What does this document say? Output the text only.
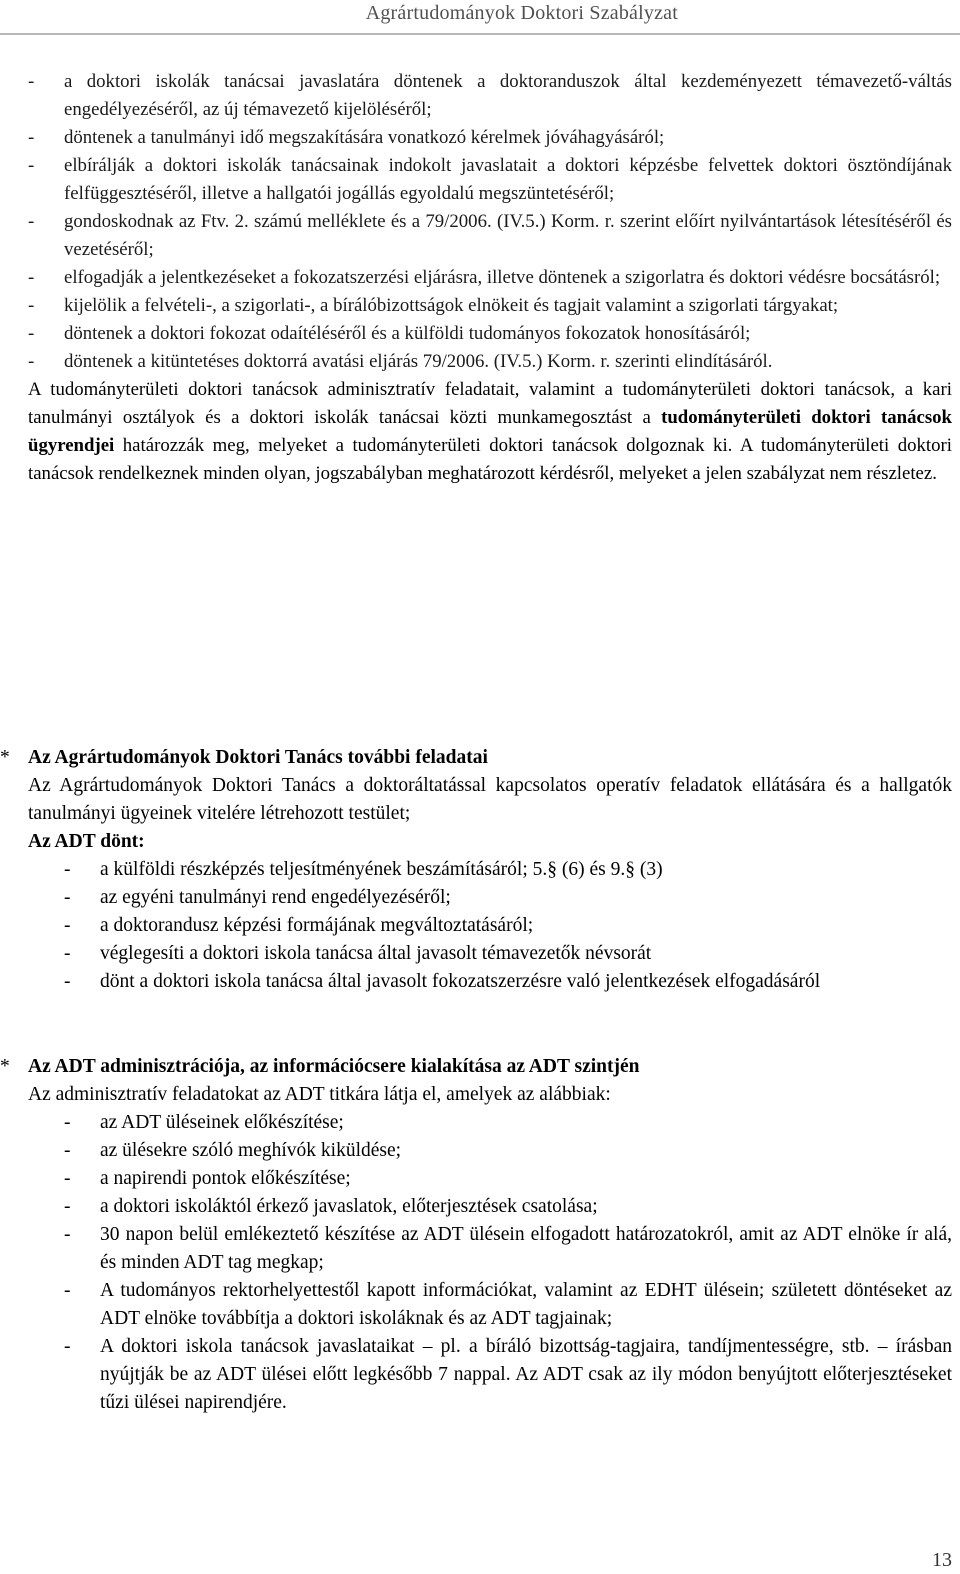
Agrártudományok Doktori Szabályzat
- a doktori iskolák tanácsai javaslatára döntenek a doktoranduszok által kezdeményezett témavezető-váltás engedélyezéséről, az új témavezető kijelöléséről;
- döntenek a tanulmányi idő megszakítására vonatkozó kérelmek jóváhagyásáról;
- elbírálják a doktori iskolák tanácsainak indokolt javaslatait a doktori képzésbe felvettek doktori ösztöndíjának felfüggesztéséről, illetve a hallgatói jogállás egyoldalú megszüntetéséről;
- gondoskodnak az Ftv. 2. számú melléklete és a 79/2006. (IV.5.) Korm. r. szerint előírt nyilvántartások létesítéséről és vezetéséről;
- elfogadják a jelentkezéseket a fokozatszerzési eljárásra, illetve döntenek a szigorlatra és doktori védésre bocsátásról;
- kijelölik a felvételi-, a szigorlati-, a bírálóbizottságok elnökeit és tagjait valamint a szigorlati tárgyakat;
- döntenek a doktori fokozat odaítéléséről és a külföldi tudományos fokozatok honosításáról;
- döntenek a kitüntetéses doktorrá avatási eljárás 79/2006. (IV.5.) Korm. r. szerinti elindításáról.

A tudományterületi doktori tanácsok adminisztratív feladatait, valamint a tudományterületi doktori tanácsok, a kari tanulmányi osztályok és a doktori iskolák tanácsai közti munkamegosztást a tudományterületi doktori tanácsok ügyrendjei határozzák meg, melyeket a tudományterületi doktori tanácsok dolgoznak ki. A tudományterületi doktori tanácsok rendelkeznek minden olyan, jogszabályban meghatározott kérdésről, melyeket a jelen szabályzat nem részletez.

* Az Agrártudományok Doktori Tanács további feladatai

Az Agrártudományok Doktori Tanács a doktoráltatással kapcsolatos operatív feladatok ellátására és a hallgatók tanulmányi ügyeinek vitelére létrehozott testület;

Az ADT dönt:
- a külföldi részképzés teljesítményének beszámításáról; 5.§ (6) és 9.§ (3)
- az egyéni tanulmányi rend engedélyezéséről;
- a doktorandusz képzési formájának megváltoztatásáról;
- véglegesíti a doktori iskola tanácsa által javasolt témavezetők névsorát
- dönt a doktori iskola tanácsa által javasolt fokozatszerzésre való jelentkezések elfogadásáról
* Az ADT adminisztrációja, az információcsere kialakítása az ADT szintjén

Az adminisztratív feladatokat az ADT titkára látja el, amelyek az alábbiak:

- az ADT üléseinek előkészítése;
- az ülésekre szóló meghívók kiküldése;
- a napirendi pontok előkészítése;
- a doktori iskoláktól érkező javaslatok, előterjesztések csatolása;
- 30 napon belül emlékeztető készítése az ADT ülésein elfogadott határozatokról, amit az ADT elnöke ír alá, és minden ADT tag megkap;
- A tudományos rektorhelyettestől kapott információkat, valamint az EDHT ülésein; született döntéseket az ADT elnöke továbbítja a doktori iskoláknak és az ADT tagjainak;
- A doktori iskola tanácsok javaslataikat – pl. a bíráló bizottság-tagjaira, tandíjmentességre, stb. – írásban nyújtják be az ADT ülései előtt legkésőbb 7 nappal. Az ADT csak az ily módon benyújtott előterjesztéseket tűzi ülései napirendjére.
13
